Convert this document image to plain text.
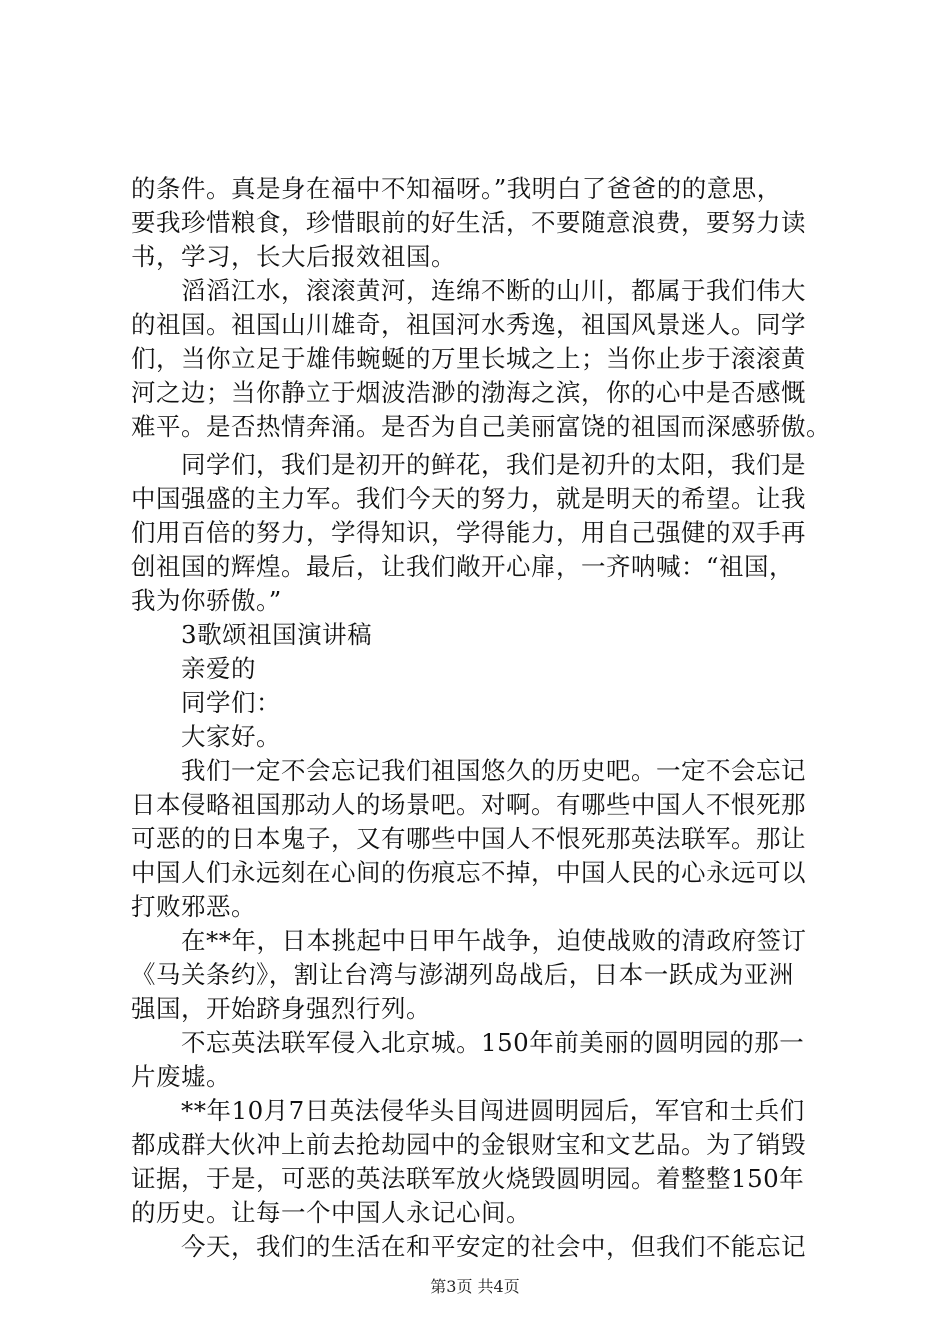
的条件。真是身在福中不知福呀。”我明白了爸爸的的意思，
要我珍惜粮食，珍惜眼前的好生活，不要随意浪费，要努力读
书，学习，长大后报效祖国。
　　滔滔江水，滚滚黄河，连绵不断的山川，都属于我们伟大
的祖国。祖国山川雄奇，祖国河水秀逸，祖国风景迷人。同学
们，当你立足于雄伟蜿蜒的万里长城之上；当你止步于滚滚黄
河之边；当你静立于烟波浩渺的渤海之滨，你的心中是否感慨
难平。是否热情奔涌。是否为自己美丽富饶的祖国而深感骄傲。
　　同学们，我们是初开的鲜花，我们是初升的太阳，我们是
中国强盛的主力军。我们今天的努力，就是明天的希望。让我
们用百倍的努力，学得知识，学得能力，用自己强健的双手再
创祖国的辉煌。最后，让我们敞开心扉，一齐呐喊：“祖国，
我为你骄傲。”
　　3歌颂祖国演讲稿
　　亲爱的
　　同学们：
　　大家好。
　　我们一定不会忘记我们祖国悠久的历史吧。一定不会忘记
日本侵略祖国那动人的场景吧。对啊。有哪些中国人不恨死那
可恶的的日本鬼子，又有哪些中国人不恨死那英法联军。那让
中国人们永远刻在心间的伤痕忘不掉，中国人民的心永远可以
打败邪恶。
　　在**年，日本挑起中日甲午战争，迫使战败的清政府签订
《马关条约》，割让台湾与澎湖列岛战后，日本一跃成为亚洲
强国，开始跻身强烈行列。
　　不忘英法联军侵入北京城。150年前美丽的圆明园的那一
片废墟。
　　**年10月7日英法侵华头目闯进圆明园后，军官和士兵们
都成群大伙冲上前去抢劫园中的金银财宝和文艺品。为了销毁
证据，于是，可恶的英法联军放火烧毁圆明园。着整整150年
的历史。让每一个中国人永记心间。
　　今天，我们的生活在和平安定的社会中，但我们不能忘记
第3页 共4页
